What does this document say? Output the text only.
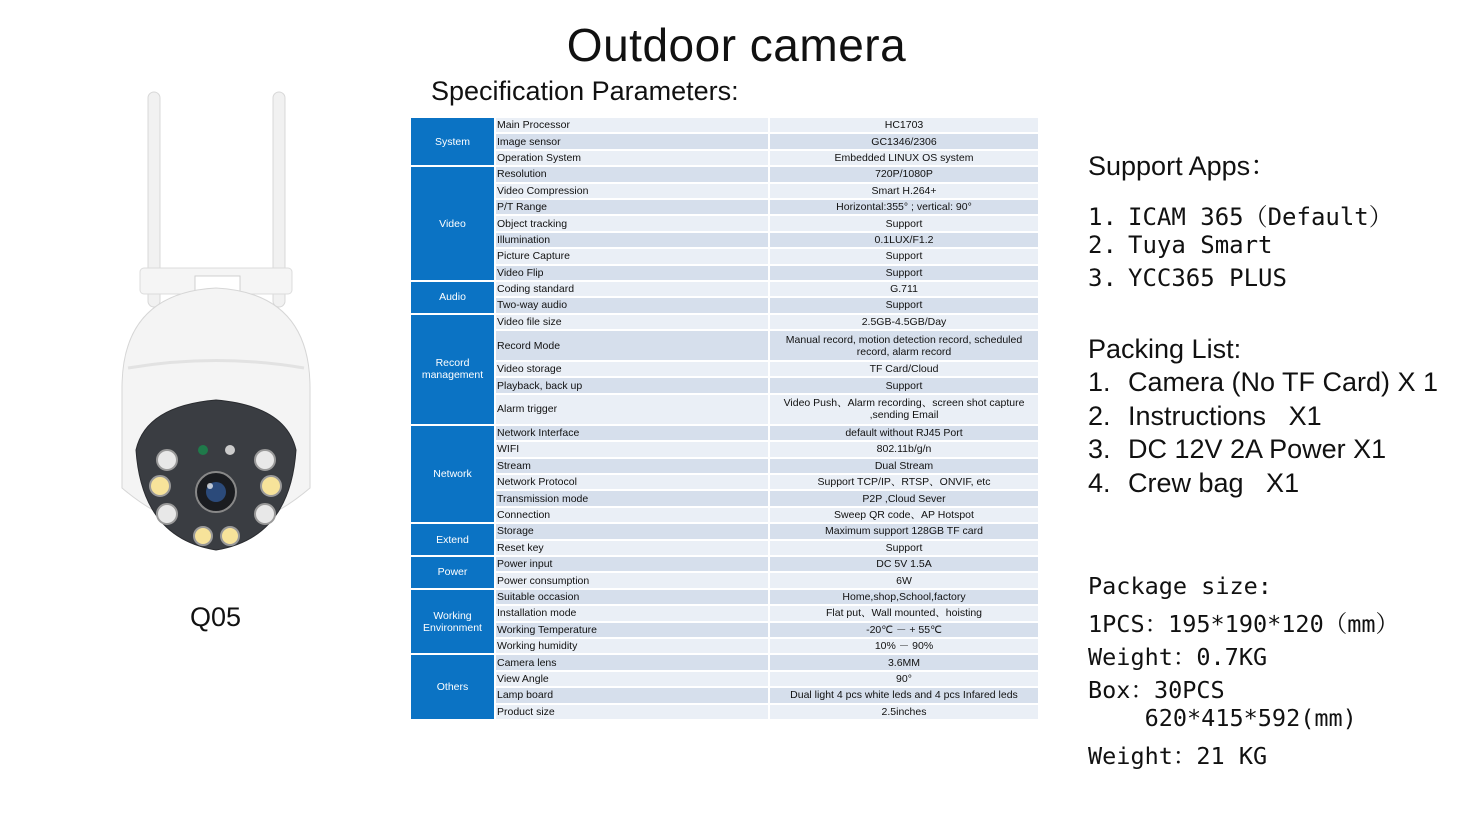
Outdoor camera
Specification Parameters:
Q05
System	Main Processor	HC1703
	Image sensor	GC1346/2306
	Operation System	Embedded LINUX OS system
Video	Resolution	720P/1080P
	Video Compression	Smart H.264+
	P/T Range	Horizontal:355° ; vertical: 90°
	Object tracking	Support
	Illumination	0.1LUX/F1.2
	Picture Capture	Support
	Video Flip	Support
Audio	Coding standard	G.711
	Two-way audio	Support
Record management	Video file size	2.5GB-4.5GB/Day
	Record Mode	Manual record, motion detection record, scheduled record, alarm record
	Video storage	TF Card/Cloud
	Playback, back up	Support
	Alarm trigger	Video Push、Alarm recording、screen shot capture ,sending Email
Network	Network Interface	default without RJ45 Port
	WIFI	802.11b/g/n
	Stream	Dual Stream
	Network Protocol	Support TCP/IP、RTSP、ONVIF, etc
	Transmission mode	P2P ,Cloud Sever
	Connection	Sweep QR code、AP Hotspot
Extend	Storage	Maximum support 128GB TF card
	Reset key	Support
Power	Power input	DC 5V 1.5A
	Power consumption	6W
Working Environment	Suitable occasion	Home,shop,School,factory
	Installation mode	Flat put、Wall mounted、hoisting
	Working Temperature	-20℃ － + 55℃
	Working humidity	10% － 90%
Others	Camera lens	3.6MM
	View Angle	90°
	Lamp board	Dual light 4 pcs white leds and 4 pcs Infared leds
	Product size	2.5inches
Support Apps：
1. ICAM 365（Default）
2. Tuya Smart
3. YCC365 PLUS
Packing List:
1. Camera (No TF Card) X 1
2. Instructions   X1
3. DC 12V 2A Power X1
4. Crew bag   X1
Package size:
1PCS：195*190*120（mm）
Weight：0.7KG
Box：30PCS
620*415*592(mm)
Weight：21 KG
